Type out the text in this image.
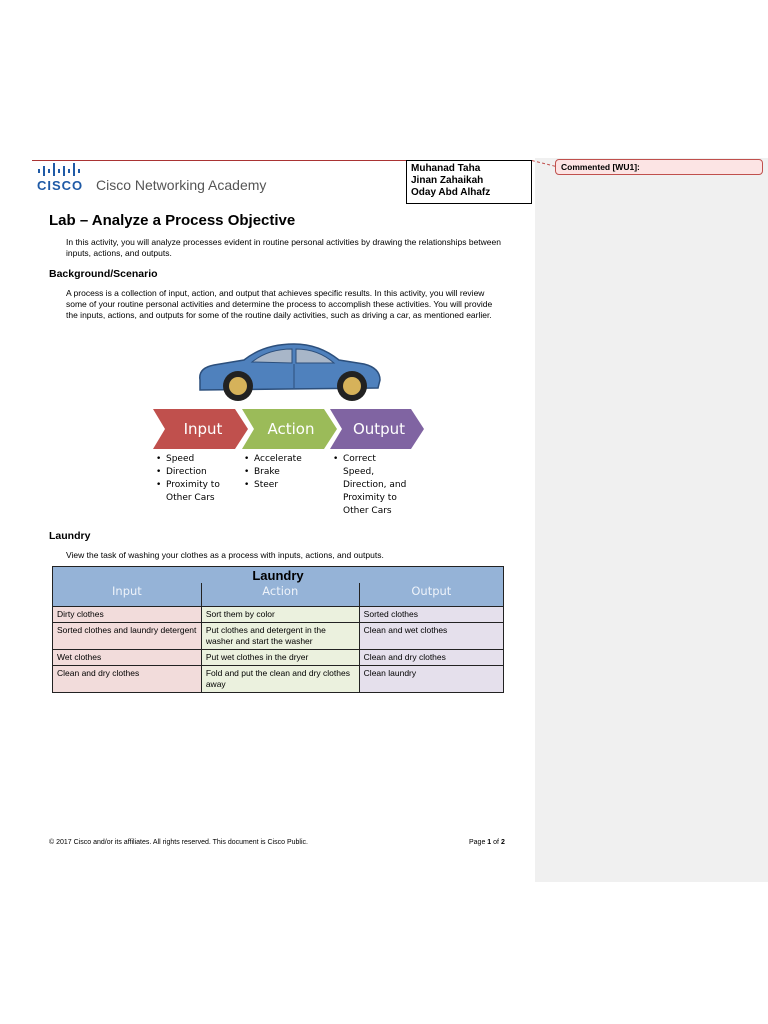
Commented [WU1]:
CISCO Cisco Networking Academy
Muhanad Taha
Jinan Zahaikah
Oday Abd Alhafz
Lab – Analyze a Process Objective
In this activity, you will analyze processes evident in routine personal activities by drawing the relationships between inputs, actions, and outputs.
Background/Scenario
A process is a collection of input, action, and output that achieves specific results. In this activity, you will review some of your routine personal activities and determine the process to accomplish these activities. You will provide the inputs, actions, and outputs for some of the routine daily activities, such as driving a car, as mentioned earlier.
Input	Action	Output
• Speed
• Direction
• Proximity to Other Cars
• Accelerate
• Brake
• Steer
• Correct Speed, Direction, and Proximity to Other Cars
Laundry
View the task of washing your clothes as a process with inputs, actions, and outputs.
Laundry		
Input	Action	Output
Dirty clothes	Sort them by color	Sorted clothes
Sorted clothes and laundry detergent	Put clothes and detergent in the washer and start the washer	Clean and wet clothes
Wet clothes	Put wet clothes in the dryer	Clean and dry clothes
Clean and dry clothes	Fold and put the clean and dry clothes away	Clean laundry
© 2017 Cisco and/or its affiliates. All rights reserved. This document is Cisco Public.	Page 1 of 2
